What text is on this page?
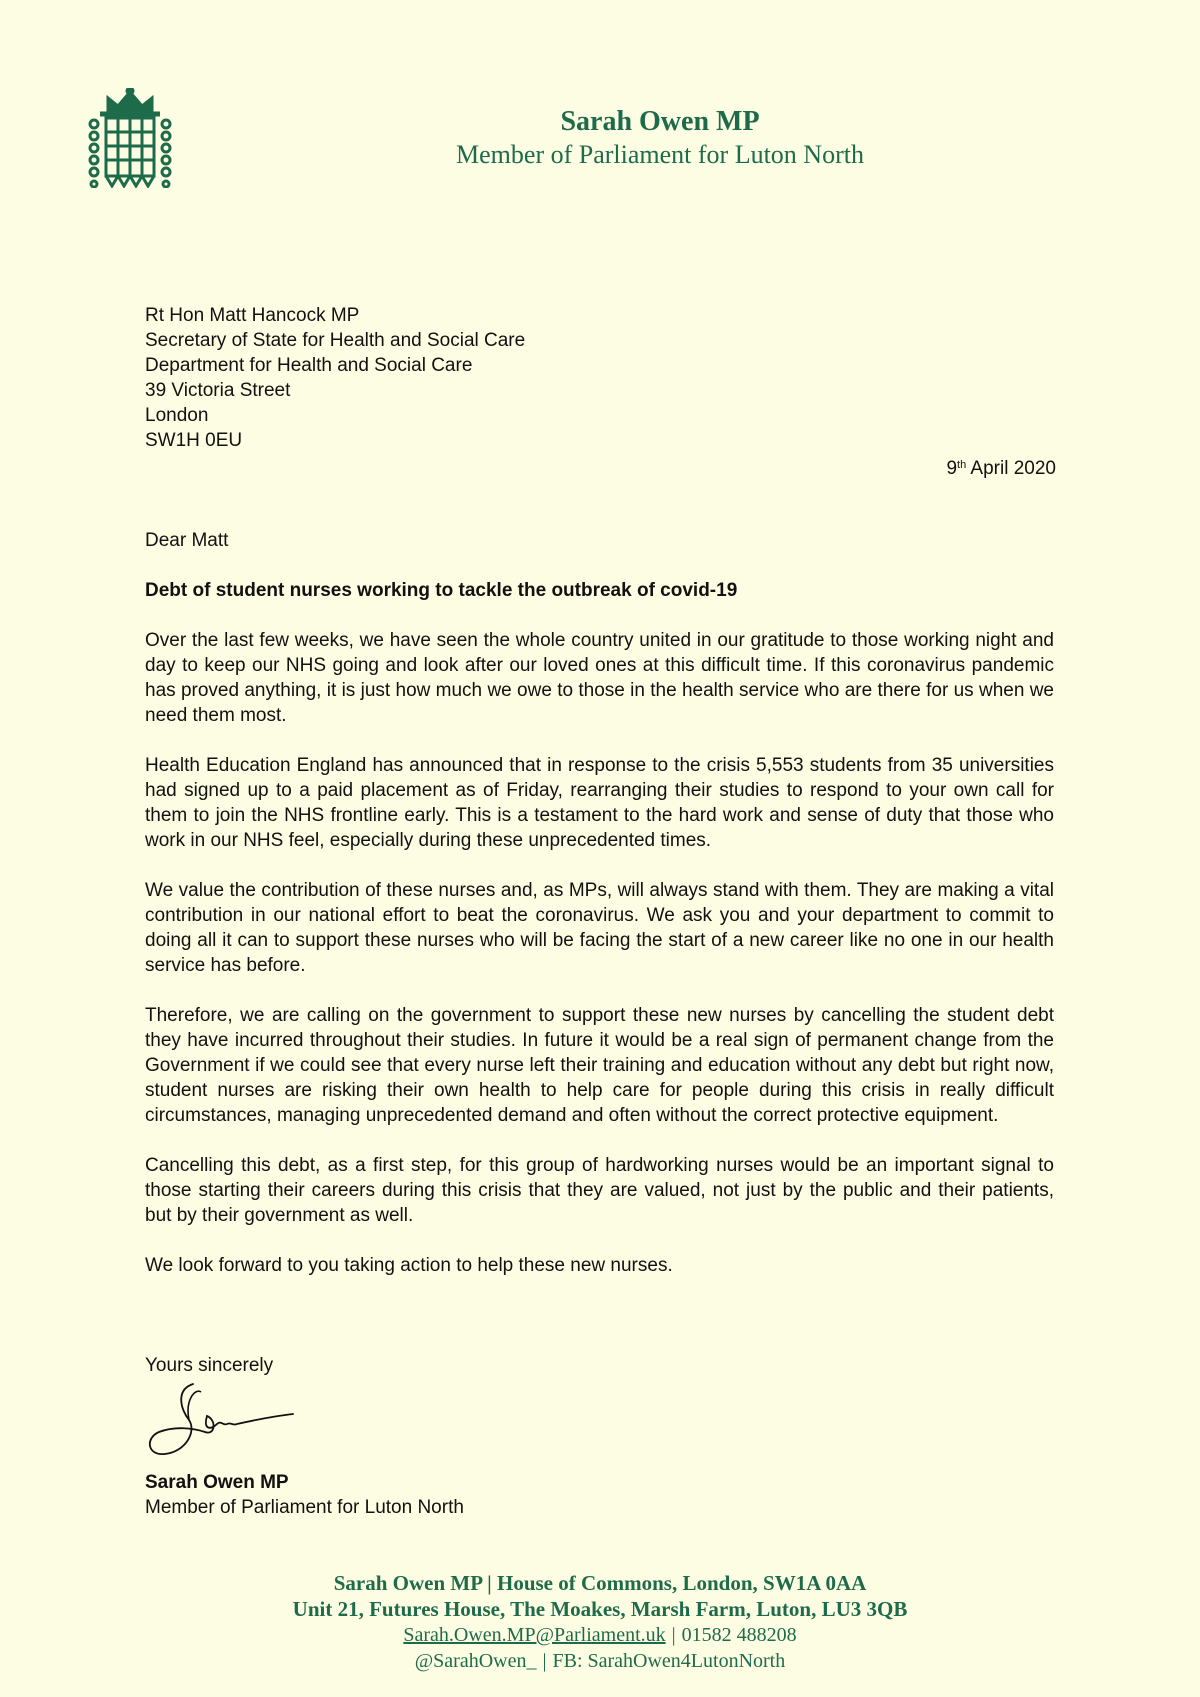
Sarah Owen MP
Member of Parliament for Luton North
Rt Hon Matt Hancock MP
Secretary of State for Health and Social Care
Department for Health and Social Care
39 Victoria Street
London
SW1H 0EU
9th April 2020
Dear Matt
Debt of student nurses working to tackle the outbreak of covid-19

Over the last few weeks, we have seen the whole country united in our gratitude to those working night and day to keep our NHS going and look after our loved ones at this difficult time. If this coronavirus pandemic has proved anything, it is just how much we owe to those in the health service who are there for us when we need them most.

Health Education England has announced that in response to the crisis 5,553 students from 35 universities had signed up to a paid placement as of Friday, rearranging their studies to respond to your own call for them to join the NHS frontline early. This is a testament to the hard work and sense of duty that those who work in our NHS feel, especially during these unprecedented times.

We value the contribution of these nurses and, as MPs, will always stand with them. They are making a vital contribution in our national effort to beat the coronavirus. We ask you and your department to commit to doing all it can to support these nurses who will be facing the start of a new career like no one in our health service has before.

Therefore, we are calling on the government to support these new nurses by cancelling the student debt they have incurred throughout their studies. In future it would be a real sign of permanent change from the Government if we could see that every nurse left their training and education without any debt but right now, student nurses are risking their own health to help care for people during this crisis in really difficult circumstances, managing unprecedented demand and often without the correct protective equipment.

Cancelling this debt, as a first step, for this group of hardworking nurses would be an important signal to those starting their careers during this crisis that they are valued, not just by the public and their patients, but by their government as well.

We look forward to you taking action to help these new nurses.

Yours sincerely
Sarah Owen MP
Member of Parliament for Luton North
Sarah Owen MP | House of Commons, London, SW1A 0AA
Unit 21, Futures House, The Moakes, Marsh Farm, Luton, LU3 3QB
Sarah.Owen.MP@Parliament.uk | 01582 488208
@SarahOwen_ | FB: SarahOwen4LutonNorth
